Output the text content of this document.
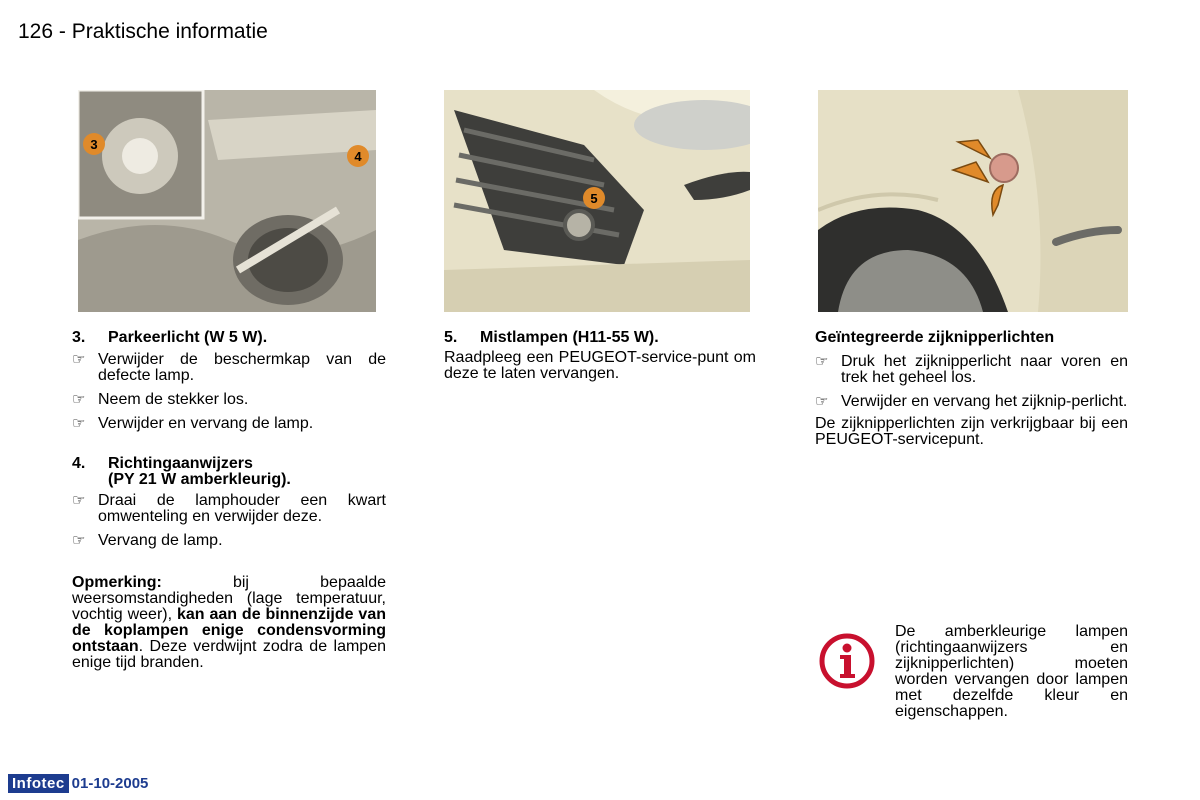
126 - Praktische informatie
3
4
5

3.	Parkeerlicht (W 5 W).

☞ Verwijder de beschermkap van de defecte lamp.
☞ Neem de stekker los.
☞ Verwijder en vervang de lamp.
4.	Richtingaanwijzers
(PY 21 W amberkleurig).
☞ Draai de lamphouder een kwart omwenteling en verwijder deze.
☞ Vervang de lamp.

Opmerking: bij bepaalde weersomstandigheden (lage temperatuur, vochtig weer), kan aan de binnenzijde van de koplampen enige condensvorming ontstaan. Deze verdwijnt zodra de lampen enige tijd branden.

5.	Mistlampen (H11-55 W).

Raadpleeg een PEUGEOT-service-punt om deze te laten vervangen.

Geïntegreerde zijknipperlichten

☞ Druk het zijknipperlicht naar voren en trek het geheel los.
☞ Verwijder en vervang het zijknip-perlicht.

De zijknipperlichten zijn verkrijgbaar bij een PEUGEOT-servicepunt.

De amberkleurige lampen (richtingaanwijzers en zijknipperlichten) moeten worden vervangen door lampen met dezelfde kleur en eigenschappen.

Infotec 01-10-2005
